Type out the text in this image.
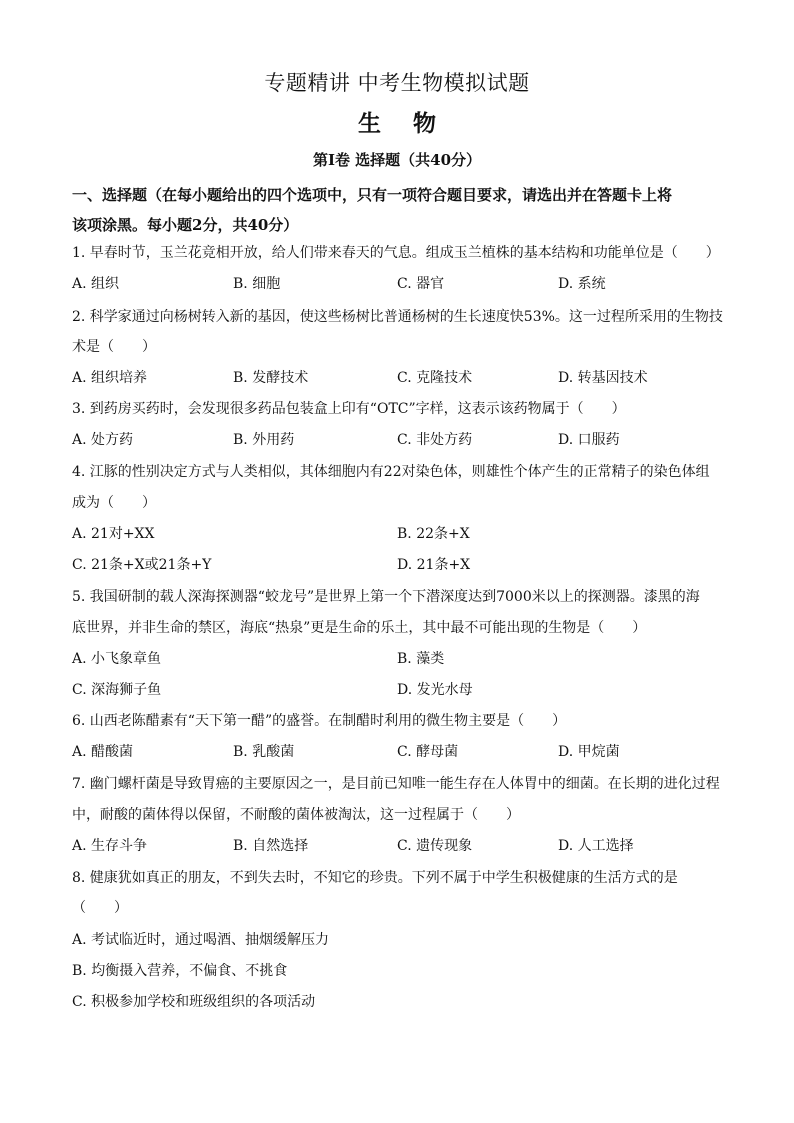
专题精讲 中考生物模拟试题
生 物
第Ⅰ卷 选择题（共40分）
一、选择题（在每小题给出的四个选项中，只有一项符合题目要求，请选出并在答题卡上将
该项涂黑。每小题2分，共40分）
1. 早春时节，玉兰花竞相开放，给人们带来春天的气息。组成玉兰植株的基本结构和功能单位是（　　）
A. 组织	B. 细胞	C. 器官	D. 系统
2. 科学家通过向杨树转入新的基因，使这些杨树比普通杨树的生长速度快53%。这一过程所采用的生物技
术是（　　）
A. 组织培养	B. 发酵技术	C. 克隆技术	D. 转基因技术
3. 到药房买药时，会发现很多药品包装盒上印有“OTC”字样，这表示该药物属于（　　）
A. 处方药	B. 外用药	C. 非处方药	D. 口服药
4. 江豚的性别决定方式与人类相似，其体细胞内有22对染色体，则雄性个体产生的正常精子的染色体组
成为（　　）
A. 21对+XX	B. 22条+X
C. 21条+X或21条+Y	D. 21条+X
5. 我国研制的载人深海探测器“蛟龙号”是世界上第一个下潜深度达到7000米以上的探测器。漆黑的海
底世界，并非生命的禁区，海底“热泉”更是生命的乐土，其中最不可能出现的生物是（　　）
A. 小飞象章鱼	B. 藻类
C. 深海狮子鱼	D. 发光水母
6. 山西老陈醋素有“天下第一醋”的盛誉。在制醋时利用的微生物主要是（　　）
A. 醋酸菌	B. 乳酸菌	C. 酵母菌	D. 甲烷菌
7. 幽门螺杆菌是导致胃癌的主要原因之一，是目前已知唯一能生存在人体胃中的细菌。在长期的进化过程
中，耐酸的菌体得以保留，不耐酸的菌体被淘汰，这一过程属于（　　）
A. 生存斗争	B. 自然选择	C. 遗传现象	D. 人工选择
8. 健康犹如真正的朋友，不到失去时，不知它的珍贵。下列不属于中学生积极健康的生活方式的是
（　　）
A. 考试临近时，通过喝酒、抽烟缓解压力
B. 均衡摄入营养，不偏食、不挑食
C. 积极参加学校和班级组织的各项活动
